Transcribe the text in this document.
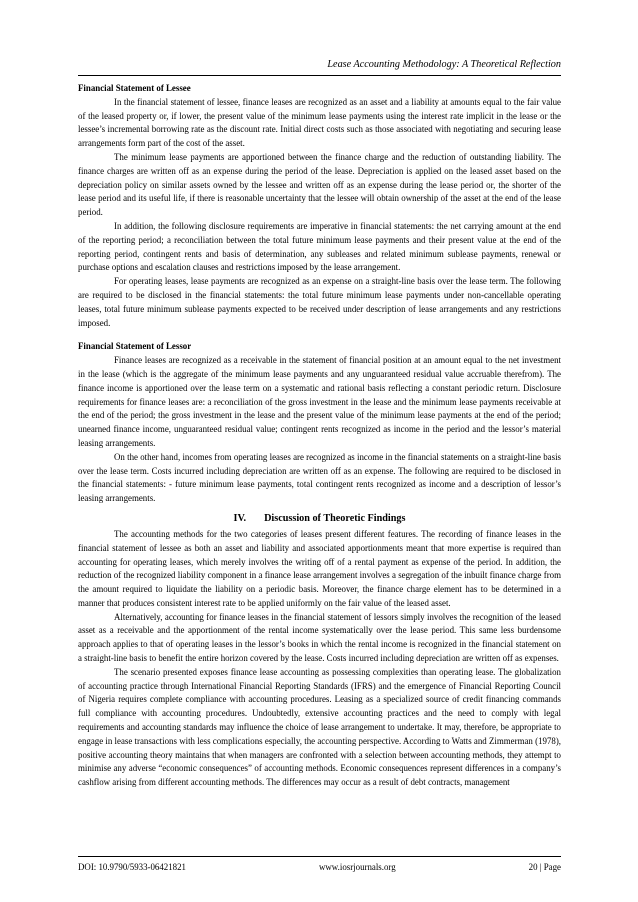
Lease Accounting Methodology: A Theoretical Reflection
Financial Statement of Lessee

In the financial statement of lessee, finance leases are recognized as an asset and a liability at amounts equal to the fair value of the leased property or, if lower, the present value of the minimum lease payments using the interest rate implicit in the lease or the lessee’s incremental borrowing rate as the discount rate. Initial direct costs such as those associated with negotiating and securing lease arrangements form part of the cost of the asset.

The minimum lease payments are apportioned between the finance charge and the reduction of outstanding liability. The finance charges are written off as an expense during the period of the lease. Depreciation is applied on the leased asset based on the depreciation policy on similar assets owned by the lessee and written off as an expense during the lease period or, the shorter of the lease period and its useful life, if there is reasonable uncertainty that the lessee will obtain ownership of the asset at the end of the lease period.

In addition, the following disclosure requirements are imperative in financial statements: the net carrying amount at the end of the reporting period; a reconciliation between the total future minimum lease payments and their present value at the end of the reporting period, contingent rents and basis of determination, any subleases and related minimum sublease payments, renewal or purchase options and escalation clauses and restrictions imposed by the lease arrangement.

For operating leases, lease payments are recognized as an expense on a straight-line basis over the lease term. The following are required to be disclosed in the financial statements: the total future minimum lease payments under non-cancellable operating leases, total future minimum sublease payments expected to be received under description of lease arrangements and any restrictions imposed.

Financial Statement of Lessor

Finance leases are recognized as a receivable in the statement of financial position at an amount equal to the net investment in the lease (which is the aggregate of the minimum lease payments and any unguaranteed residual value accruable therefrom). The finance income is apportioned over the lease term on a systematic and rational basis reflecting a constant periodic return. Disclosure requirements for finance leases are: a reconciliation of the gross investment in the lease and the minimum lease payments receivable at the end of the period; the gross investment in the lease and the present value of the minimum lease payments at the end of the period; unearned finance income, unguaranteed residual value; contingent rents recognized as income in the period and the lessor’s material leasing arrangements.

On the other hand, incomes from operating leases are recognized as income in the financial statements on a straight-line basis over the lease term. Costs incurred including depreciation are written off as an expense. The following are required to be disclosed in the financial statements: - future minimum lease payments, total contingent rents recognized as income and a description of lessor’s leasing arrangements.

IV. Discussion of Theoretic Findings

The accounting methods for the two categories of leases present different features. The recording of finance leases in the financial statement of lessee as both an asset and liability and associated apportionments meant that more expertise is required than accounting for operating leases, which merely involves the writing off of a rental payment as expense of the period. In addition, the reduction of the recognized liability component in a finance lease arrangement involves a segregation of the inbuilt finance charge from the amount required to liquidate the liability on a periodic basis. Moreover, the finance charge element has to be determined in a manner that produces consistent interest rate to be applied uniformly on the fair value of the leased asset.

Alternatively, accounting for finance leases in the financial statement of lessors simply involves the recognition of the leased asset as a receivable and the apportionment of the rental income systematically over the lease period. This same less burdensome approach applies to that of operating leases in the lessor’s books in which the rental income is recognized in the financial statement on a straight-line basis to benefit the entire horizon covered by the lease. Costs incurred including depreciation are written off as expenses.

The scenario presented exposes finance lease accounting as possessing complexities than operating lease. The globalization of accounting practice through International Financial Reporting Standards (IFRS) and the emergence of Financial Reporting Council of Nigeria requires complete compliance with accounting procedures. Leasing as a specialized source of credit financing commands full compliance with accounting procedures. Undoubtedly, extensive accounting practices and the need to comply with legal requirements and accounting standards may influence the choice of lease arrangement to undertake. It may, therefore, be appropriate to engage in lease transactions with less complications especially, the accounting perspective. According to Watts and Zimmerman (1978), positive accounting theory maintains that when managers are confronted with a selection between accounting methods, they attempt to minimise any adverse “economic consequences” of accounting methods. Economic consequences represent differences in a company’s cashflow arising from different accounting methods. The differences may occur as a result of debt contracts, management

DOI: 10.9790/5933-06421821	www.iosrjournals.org	20 | Page
